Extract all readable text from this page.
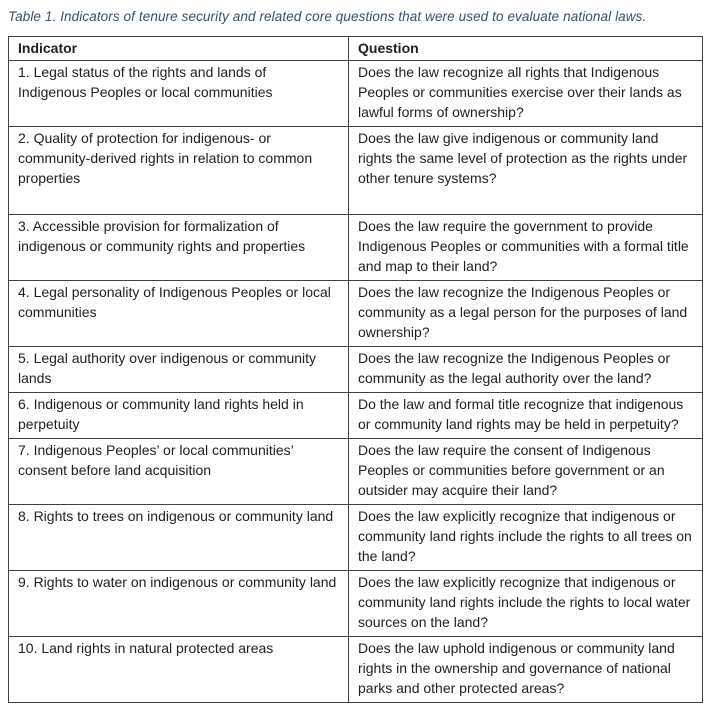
Table 1. Indicators of tenure security and related core questions that were used to evaluate national laws.
Indicator	Question
1. Legal status of the rights and lands of Indigenous Peoples or local communities	Does the law recognize all rights that Indigenous Peoples or communities exercise over their lands as lawful forms of ownership?
2. Quality of protection for indigenous- or community-derived rights in relation to common properties	Does the law give indigenous or community land rights the same level of protection as the rights under other tenure systems?
3. Accessible provision for formalization of indigenous or community rights and properties	Does the law require the government to provide Indigenous Peoples or communities with a formal title and map to their land?
4. Legal personality of Indigenous Peoples or local communities	Does the law recognize the Indigenous Peoples or community as a legal person for the purposes of land ownership?
5. Legal authority over indigenous or community lands	Does the law recognize the Indigenous Peoples or community as the legal authority over the land?
6. Indigenous or community land rights held in perpetuity	Do the law and formal title recognize that indigenous or community land rights may be held in perpetuity?
7. Indigenous Peoples’ or local communities’ consent before land acquisition	Does the law require the consent of Indigenous Peoples or communities before government or an outsider may acquire their land?
8. Rights to trees on indigenous or community land	Does the law explicitly recognize that indigenous or community land rights include the rights to all trees on the land?
9. Rights to water on indigenous or community land	Does the law explicitly recognize that indigenous or community land rights include the rights to local water sources on the land?
10. Land rights in natural protected areas	Does the law uphold indigenous or community land rights in the ownership and governance of national parks and other protected areas?
